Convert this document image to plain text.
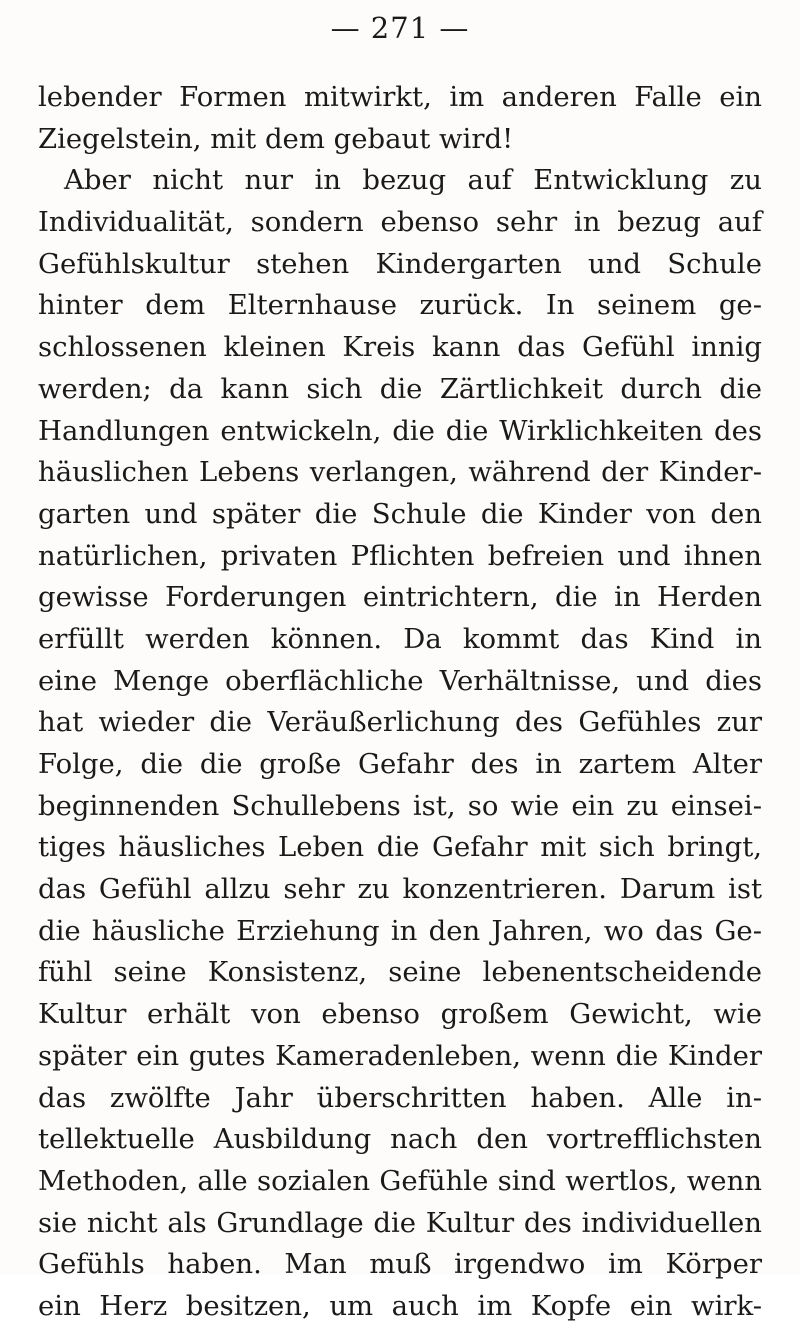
— 271 —
lebender Formen mitwirkt, im anderen Falle ein
Ziegelstein, mit dem gebaut wird!
Aber nicht nur in bezug auf Entwicklung zu
Individualität, sondern ebenso sehr in bezug auf
Gefühlskultur stehen Kindergarten und Schule
hinter dem Elternhause zurück. In seinem ge-
schlossenen kleinen Kreis kann das Gefühl innig
werden; da kann sich die Zärtlichkeit durch die
Handlungen entwickeln, die die Wirklichkeiten des
häuslichen Lebens verlangen, während der Kinder-
garten und später die Schule die Kinder von den
natürlichen, privaten Pflichten befreien und ihnen
gewisse Forderungen eintrichtern, die in Herden
erfüllt werden können. Da kommt das Kind in
eine Menge oberflächliche Verhältnisse, und dies
hat wieder die Veräußerlichung des Gefühles zur
Folge, die die große Gefahr des in zartem Alter
beginnenden Schullebens ist, so wie ein zu einsei-
tiges häusliches Leben die Gefahr mit sich bringt,
das Gefühl allzu sehr zu konzentrieren. Darum ist
die häusliche Erziehung in den Jahren, wo das Ge-
fühl seine Konsistenz, seine lebenentscheidende
Kultur erhält von ebenso großem Gewicht, wie
später ein gutes Kameradenleben, wenn die Kinder
das zwölfte Jahr überschritten haben. Alle in-
tellektuelle Ausbildung nach den vortrefflichsten
Methoden, alle sozialen Gefühle sind wertlos, wenn
sie nicht als Grundlage die Kultur des individuellen
Gefühls haben. Man muß irgendwo im Körper
ein Herz besitzen, um auch im Kopfe ein wirk-
